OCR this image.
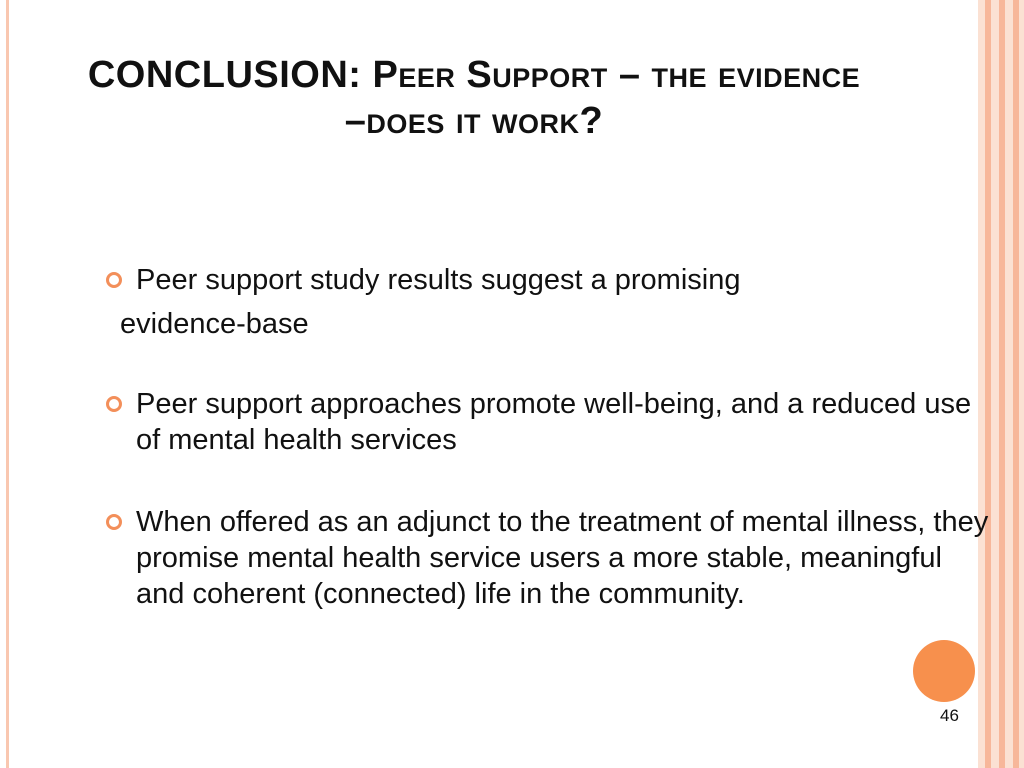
CONCLUSION: Peer Support – the evidence
–does it work?
Peer support study results suggest a promising
evidence-base
Peer support approaches promote well-being, and a reduced use of mental health services
When offered as an adjunct to the treatment of mental illness, they promise mental health service users a more stable, meaningful and coherent (connected) life in the community.
46
